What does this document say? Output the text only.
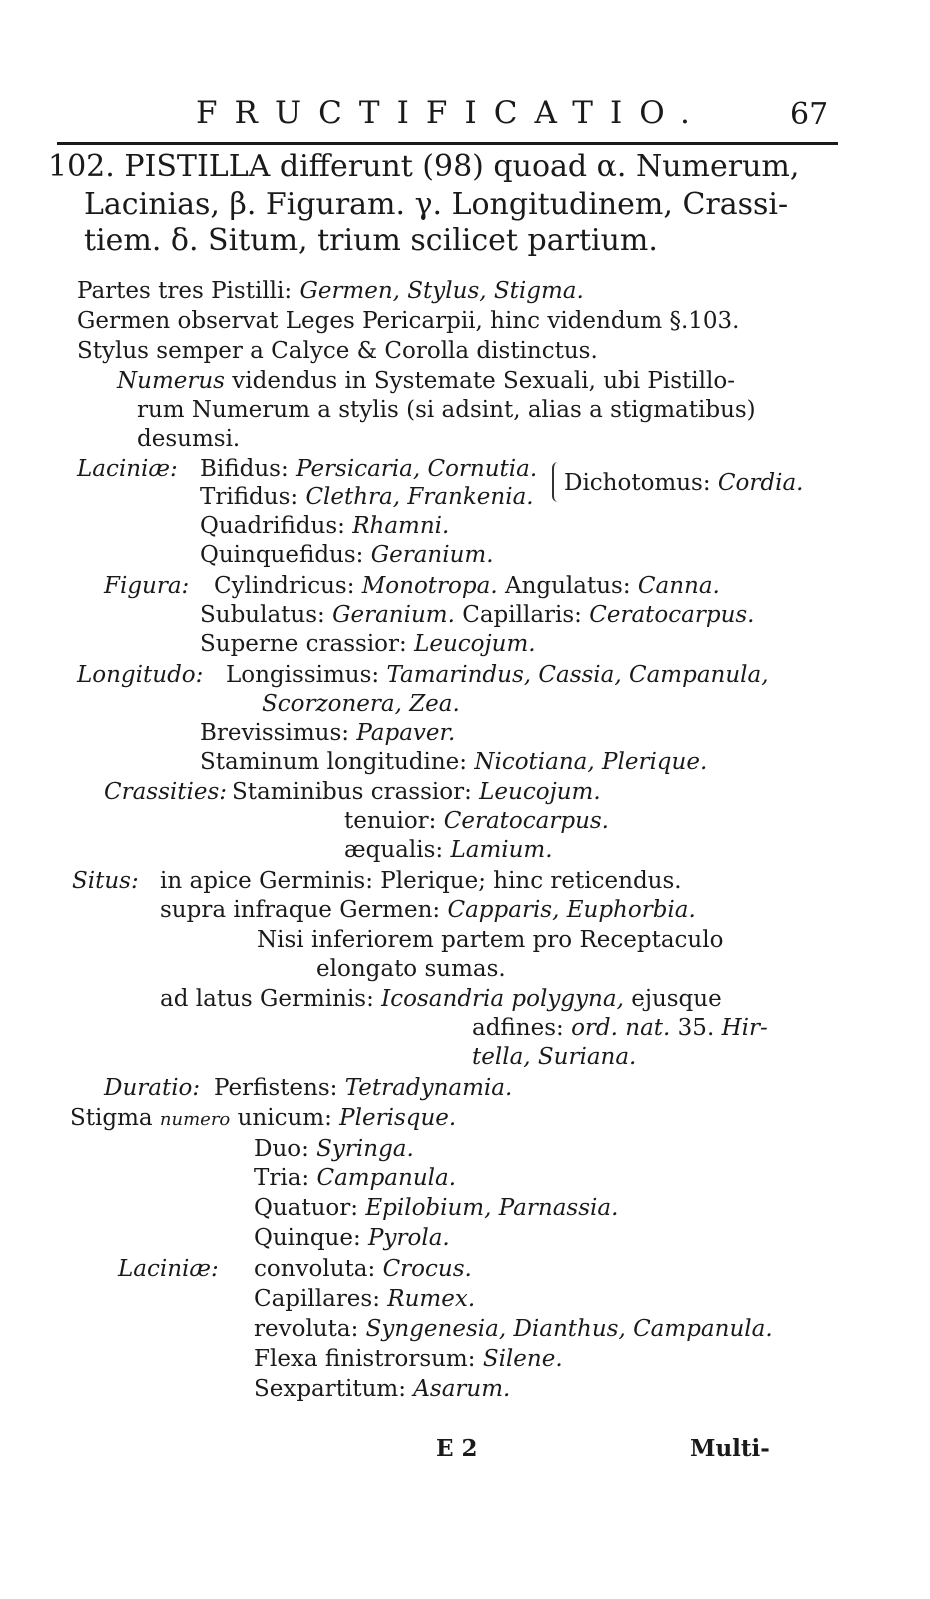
FRUCTIFICATIO.	67
102. PISTILLA differunt (98) quoad α. Numerum,
Lacinias, β. Figuram. γ. Longitudinem, Crassi-
tiem. δ. Situm, trium scilicet partium.
Partes tres Pistilli: Germen, Stylus, Stigma.
Germen observat Leges Pericarpii, hinc videndum §.103.
Stylus semper a Calyce & Corolla distinctus.
Numerus videndus in Systemate Sexuali, ubi Pistillo-
rum Numerum a stylis (si adsint, alias a stigmatibus)
desumsi.
Laciniæ: Bifidus: Persicaria, Cornutia.
Trifidus: Clethra, Frankenia.
Dichotomus: Cordia.
Quadrifidus: Rhamni.
Quinquefidus: Geranium.
Figura: Cylindricus: Monotropa. Angulatus: Canna.
Subulatus: Geranium. Capillaris: Ceratocarpus.
Superne crassior: Leucojum.
Longitudo: Longissimus: Tamarindus, Cassia, Campanula,
Scorzonera, Zea.
Brevissimus: Papaver.
Staminum longitudine: Nicotiana, Plerique.
Crassities: Staminibus crassior: Leucojum.
tenuior: Ceratocarpus.
æqualis: Lamium.
Situs: in apice Germinis: Plerique; hinc reticendus.
supra infraque Germen: Capparis, Euphorbia.
Nisi inferiorem partem pro Receptaculo
elongato sumas.
ad latus Germinis: Icosandria polygyna, ejusque
adfines: ord. nat. 35. Hir-
tella, Suriana.
Duratio: Perfistens: Tetradynamia.
Stigma numero unicum: Plerisque.
Duo: Syringa.
Tria: Campanula.
Quatuor: Epilobium, Parnassia.
Quinque: Pyrola.
Laciniæ: convoluta: Crocus.
Capillares: Rumex.
revoluta: Syngenesia, Dianthus, Campanula.
Flexa finistrorsum: Silene.
Sexpartitum: Asarum.
E 2	Multi-
